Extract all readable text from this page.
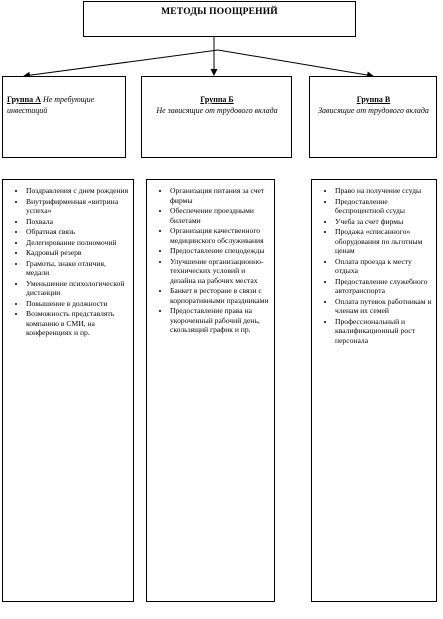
МЕТОДЫ ПООЩРЕНИЙ
Группа А Не требующие инвестиций
Группа Б
Не зависящие от трудового вклада
Группа В
Зависящие от трудового вклада
• Поздравления с днем рождения
• Внутрифирменная «витрина успеха»
• Похвала
• Обратная связь
• Делегирование полномочий
• Кадровый резерв
• Грамоты, знаки отличия, медали
• Уменьшение психологической дистанции
• Повышение в должности
• Возможность представлять компанию в СМИ, на конференциях и пр.
• Организация питания за счет фирмы
• Обеспечение проездными билетами
• Организация качественного медицинского обслуживания
• Предоставление спецодежды
• Улучшение организационно-технических условий и дизайна на рабочих местах
• Банкет в ресторане в связи с корпоративными праздниками
• Предоставление права на укороченный рабочий день, скользящий график и пр.
• Право на получение ссуды
• Предоставление беспроцентной ссуды
• Учеба за счет фирмы
• Продажа «списанного» оборудования по льготным ценам
• Оплата проезда к месту отдыха
• Предоставление служебного автотранспорта
• Оплата путевок работникам и членам их семей
• Профессиональный и квалификационный рост персонала
